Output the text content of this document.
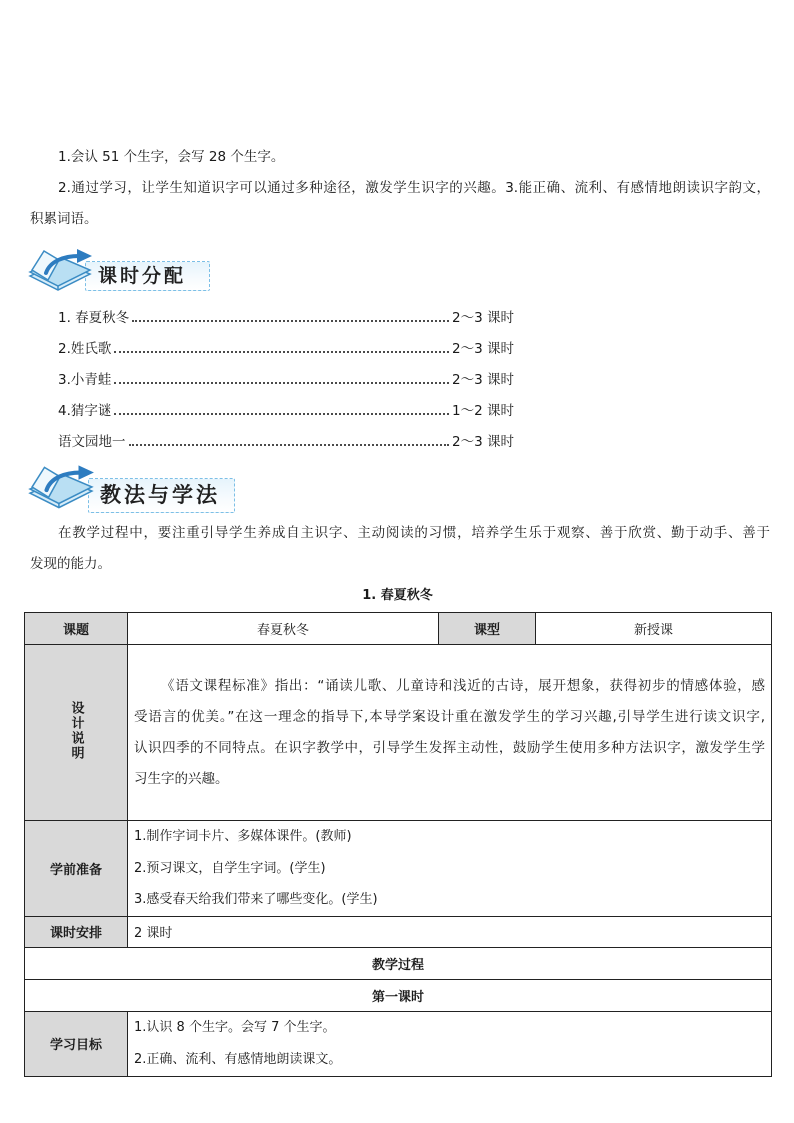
1.会认 51 个生字，会写 28 个生字。
2.通过学习，让学生知道识字可以通过多种途径，激发学生识字的兴趣。3.能正确、流利、有感情地朗读识字韵文，
积累词语。
课时分配
1. 春夏秋冬	2～3 课时
2.姓氏歌	2～3 课时
3.小青蛙	2～3 课时
4.猜字谜	1～2 课时
语文园地一	2～3 课时
教法与学法
在教学过程中，要注重引导学生养成自主识字、主动阅读的习惯，培养学生乐于观察、善于欣赏、勤于动手、善于
发现的能力。
1. 春夏秋冬
课题	春夏秋冬	课型	新授课
设计说明	《语文课程标准》指出：“诵读儿歌、儿童诗和浅近的古诗，展开想象，获得初步的情感体验，感
受语言的优美。”在这一理念的指导下,本导学案设计重在激发学生的学习兴趣,引导学生进行读文识字,
认识四季的不同特点。在识字教学中，引导学生发挥主动性，鼓励学生使用多种方法识字，激发学生学
习生字的兴趣。		

学前准备	1.制作字词卡片、多媒体课件。(教师)
2.预习课文，自学生字词。(学生)
3.感受春天给我们带来了哪些变化。(学生)		

课时安排	2 课时		
教学过程			
第一课时			
学习目标	1.认识 8 个生字。会写 7 个生字。
2.正确、流利、有感情地朗读课文。		
